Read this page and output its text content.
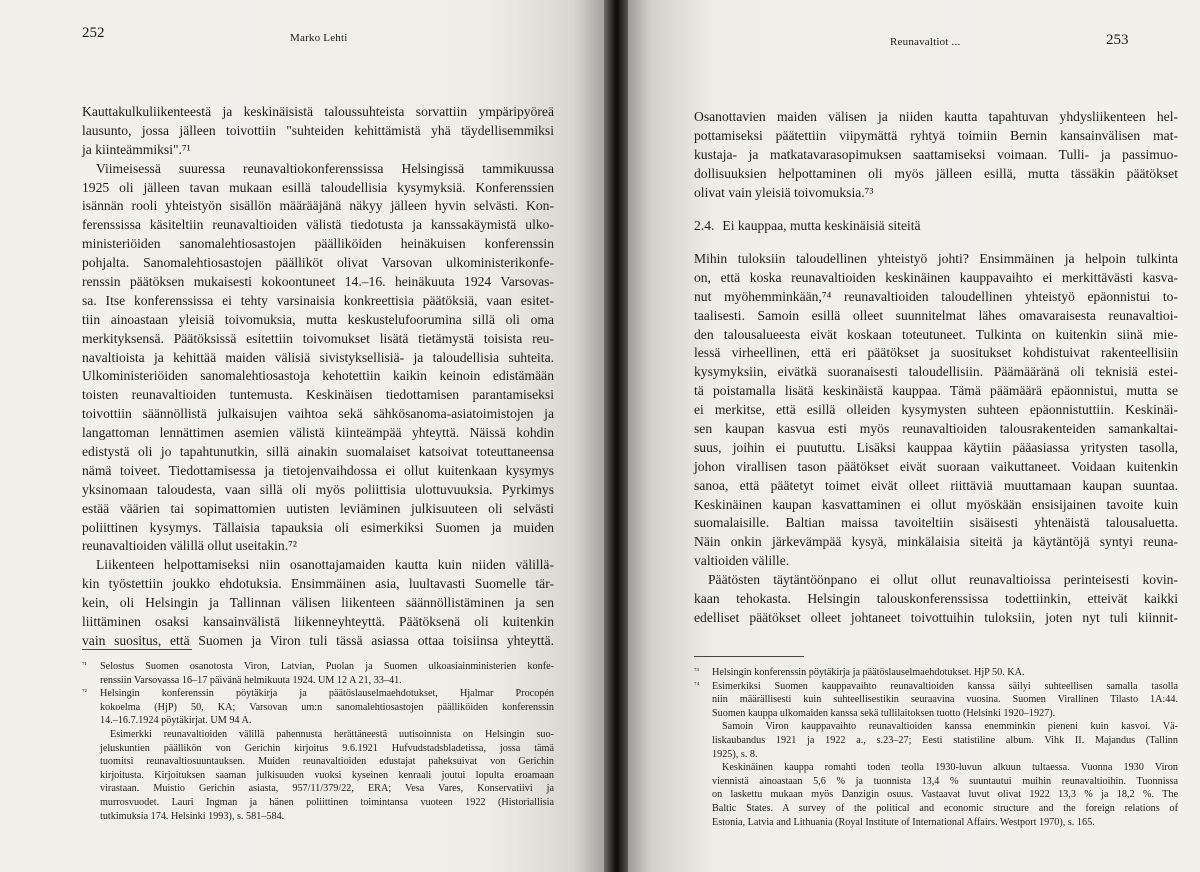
252	Marko Lehti
Kauttakulkuliikenteestä ja keskinäisistä taloussuhteista sorvattiin ympäripyöreä
lausunto, jossa jälleen toivottiin "suhteiden kehittämistä yhä täydellisemmiksi
ja kiinteämmiksi".⁷¹
Viimeisessä suuressa reunavaltiokonferenssissa Helsingissä tammikuussa
1925 oli jälleen tavan mukaan esillä taloudellisia kysymyksiä. Konferenssien
isännän rooli yhteistyön sisällön määrääjänä näkyy jälleen hyvin selvästi. Kon-
ferenssissa käsiteltiin reunavaltioiden välistä tiedotusta ja kanssakäymistä ulko-
ministeriöiden sanomalehtiosastojen päälliköiden heinäkuisen konferenssin
pohjalta. Sanomalehtiosastojen päälliköt olivat Varsovan ulkoministerikonfe-
renssin päätöksen mukaisesti kokoontuneet 14.–16. heinäkuuta 1924 Varsovas-
sa. Itse konferenssissa ei tehty varsinaisia konkreettisia päätöksiä, vaan esitet-
tiin ainoastaan yleisiä toivomuksia, mutta keskustelufoorumina sillä oli oma
merkityksensä. Päätöksissä esitettiin toivomukset lisätä tietämystä toisista reu-
navaltioista ja kehittää maiden välisiä sivistyksellisiä- ja taloudellisia suhteita.
Ulkoministeriöiden sanomalehtiosastoja kehotettiin kaikin keinoin edistämään
toisten reunavaltioiden tuntemusta. Keskinäisen tiedottamisen parantamiseksi
toivottiin säännöllistä julkaisujen vaihtoa sekä sähkösanoma-asiatoimistojen ja
langattoman lennättimen asemien välistä kiinteämpää yhteyttä. Näissä kohdin
edistystä oli jo tapahtunutkin, sillä ainakin suomalaiset katsoivat toteuttaneensa
nämä toiveet. Tiedottamisessa ja tietojenvaihdossa ei ollut kuitenkaan kysymys
yksinomaan taloudesta, vaan sillä oli myös poliittisia ulottuvuuksia. Pyrkimys
estää väärien tai sopimattomien uutisten leviäminen julkisuuteen oli selvästi
poliittinen kysymys. Tällaisia tapauksia oli esimerkiksi Suomen ja muiden
reunavaltioiden välillä ollut useitakin.⁷²
Liikenteen helpottamiseksi niin osanottajamaiden kautta kuin niiden välillä-
kin työstettiin joukko ehdotuksia. Ensimmäinen asia, luultavasti Suomelle tär-
kein, oli Helsingin ja Tallinnan välisen liikenteen säännöllistäminen ja sen
liittäminen osaksi kansainvälistä liikenneyhteyttä. Päätöksenä oli kuitenkin
vain suositus, että Suomen ja Viron tuli tässä asiassa ottaa toisiinsa yhteyttä.
⁷¹ Selostus Suomen osanotosta Viron, Latvian, Puolan ja Suomen ulkoasiainministerien konfe-
renssiin Varsovassa 16–17 päivänä helmikuuta 1924. UM 12 A 21, 33–41.
⁷² Helsingin konferenssin pöytäkirja ja päätöslauselmaehdotukset, Hjalmar Procopén
kokoelma (HjP) 50, KA; Varsovan um:n sanomalehtiosastojen päälliköiden konferenssin
14.–16.7.1924 pöytäkirjat. UM 94 A.
Esimerkki reunavaltioiden välillä pahennusta herättäneestä uutisoinnista on Helsingin suo-
jeluskuntien päällikön von Gerichin kirjoitus 9.6.1921 Hufvudstadsbladetissa, jossa tämä
tuomitsi reunavaltiosuuntauksen. Muiden reunavaltioiden edustajat paheksuivat von Gerichin
kirjoitusta. Kirjoituksen saaman julkisuuden vuoksi kyseinen kenraali joutui lopulta eroamaan
virastaan. Muistio Gerichin asiasta, 957/11/379/22, ERA; Vesa Vares, Konservatiivi ja
murrosvuodet. Lauri Ingman ja hänen poliittinen toimintansa vuoteen 1922 (Historiallisia
tutkimuksia 174. Helsinki 1993), s. 581–584.
Reunavaltiot ...	253
Osanottavien maiden välisen ja niiden kautta tapahtuvan yhdysliikenteen hel-
pottamiseksi päätettiin viipymättä ryhtyä toimiin Bernin kansainvälisen mat-
kustaja- ja matkatavarasopimuksen saattamiseksi voimaan. Tulli- ja passimuo-
dollisuuksien helpottaminen oli myös jälleen esillä, mutta tässäkin päätökset
olivat vain yleisiä toivomuksia.⁷³
2.4. Ei kauppaa, mutta keskinäisiä siteitä
Mihin tuloksiin taloudellinen yhteistyö johti? Ensimmäinen ja helpoin tulkinta
on, että koska reunavaltioiden keskinäinen kauppavaihto ei merkittävästi kasva-
nut myöhemminkään,⁷⁴ reunavaltioiden taloudellinen yhteistyö epäonnistui to-
taalisesti. Samoin esillä olleet suunnitelmat lähes omavaraisesta reunavaltioi-
den talousalueesta eivät koskaan toteutuneet. Tulkinta on kuitenkin siinä mie-
lessä virheellinen, että eri päätökset ja suositukset kohdistuivat rakenteellisiin
kysymyksiin, eivätkä suoranaisesti taloudellisiin. Päämääränä oli teknisiä estei-
tä poistamalla lisätä keskinäistä kauppaa. Tämä päämäärä epäonnistui, mutta se
ei merkitse, että esillä olleiden kysymysten suhteen epäonnistuttiin. Keskinäi-
sen kaupan kasvua esti myös reunavaltioiden talousrakenteiden samankaltai-
suus, joihin ei puututtu. Lisäksi kauppaa käytiin pääasiassa yritysten tasolla,
johon virallisen tason päätökset eivät suoraan vaikuttaneet. Voidaan kuitenkin
sanoa, että päätetyt toimet eivät olleet riittäviä muuttamaan kaupan suuntaa.
Keskinäinen kaupan kasvattaminen ei ollut myöskään ensisijainen tavoite kuin
suomalaisille. Baltian maissa tavoiteltiin sisäisesti yhtenäistä talousaluetta.
Näin onkin järkevämpää kysyä, minkälaisia siteitä ja käytäntöjä syntyi reuna-
valtioiden välille.
Päätösten täytäntöönpano ei ollut ollut reunavaltioissa perinteisesti kovin-
kaan tehokasta. Helsingin talouskonferenssissa todettiinkin, etteivät kaikki
edelliset päätökset olleet johtaneet toivottuihin tuloksiin, joten nyt tuli kiinnit-
⁷³ Helsingin konferenssin pöytäkirja ja päätöslauselmaehdotukset. HjP 50. KA.
⁷⁴ Esimerkiksi Suomen kauppavaihto reunavaltioiden kanssa säilyi suhteellisen samalla tasolla
niin määrällisesti kuin suhteellisestikin seuraavina vuosina. Suomen Virallinen Tilasto 1A:44.
Suomen kauppa ulkomaiden kanssa sekä tullilaitoksen tuotto (Helsinki 1920–1927).
Samoin Viron kauppavaihto reunavaltioiden kanssa enemminkin pieneni kuin kasvoi. Vä-
liskaubandus 1921 ja 1922 a., s.23–27; Eesti statistiline album. Vihk II. Majandus (Tallinn
1925), s. 8.
Keskinäinen kauppa romahti toden teolla 1930-luvun alkuun tultaessa. Vuonna 1930 Viron
viennistä ainoastaan 5,6 % ja tuonnista 13,4 % suuntautui muihin reunavaltioihin. Tuonnissa
on laskettu mukaan myös Danzigin osuus. Vastaavat luvut olivat 1922 13,3 % ja 18,2 %. The
Baltic States. A survey of the political and economic structure and the foreign relations of
Estonia, Latvia and Lithuania (Royal Institute of International Affairs. Westport 1970), s. 165.
